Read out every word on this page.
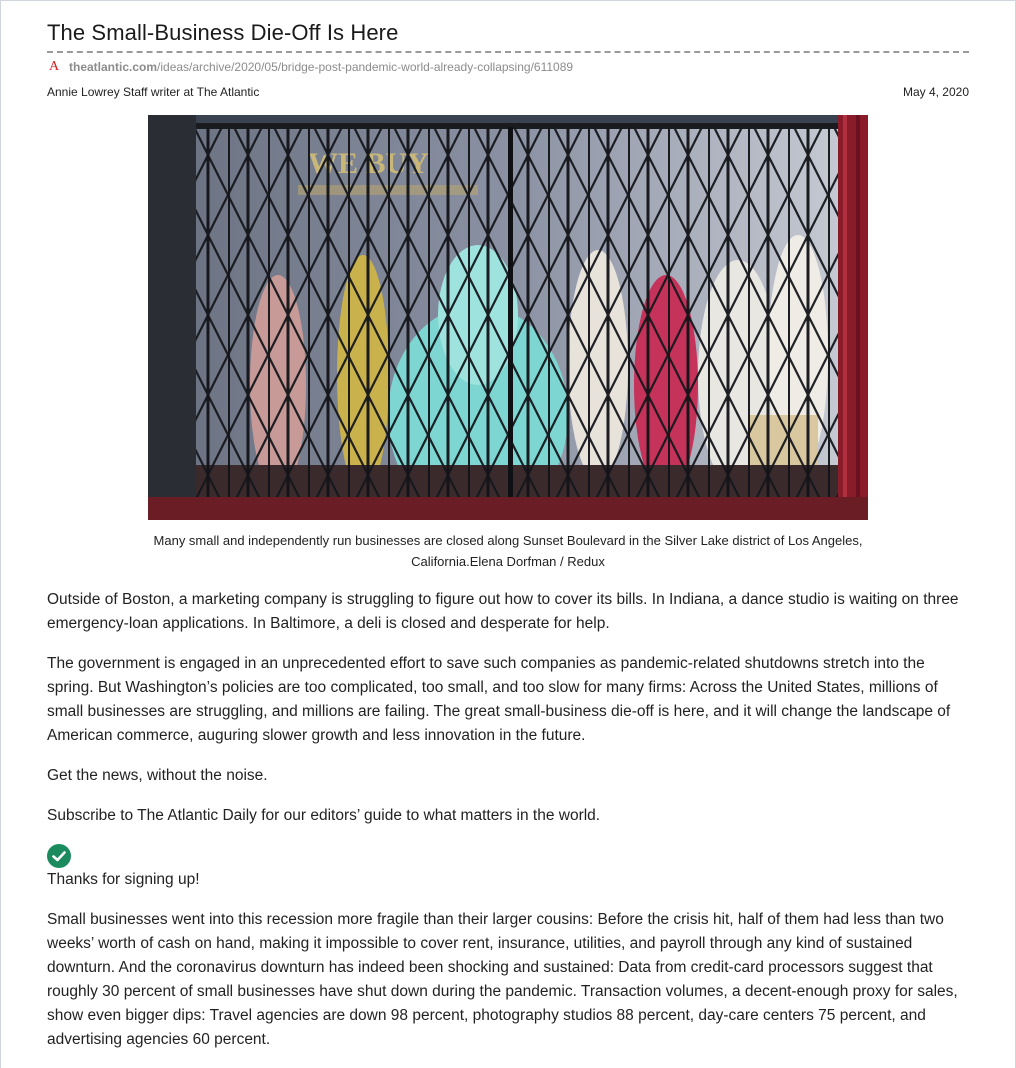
The Small-Business Die-Off Is Here
A theatlantic.com /ideas/archive/2020/05/bridge-post-pandemic-world-already-collapsing/611089
Annie Lowrey Staff writer at The Atlantic	May 4, 2020
Many small and independently run businesses are closed along Sunset Boulevard in the Silver Lake district of Los Angeles, California.Elena Dorfman / Redux

Outside of Boston, a marketing company is struggling to figure out how to cover its bills. In Indiana, a dance studio is waiting on three emergency-loan applications. In Baltimore, a deli is closed and desperate for help.

The government is engaged in an unprecedented effort to save such companies as pandemic-related shutdowns stretch into the spring. But Washington’s policies are too complicated, too small, and too slow for many firms: Across the United States, millions of small businesses are struggling, and millions are failing. The great small-business die-off is here, and it will change the landscape of American commerce, auguring slower growth and less innovation in the future.

Get the news, without the noise.

Subscribe to The Atlantic Daily for our editors’ guide to what matters in the world.

Thanks for signing up!

Small businesses went into this recession more fragile than their larger cousins: Before the crisis hit, half of them had less than two weeks’ worth of cash on hand, making it impossible to cover rent, insurance, utilities, and payroll through any kind of sustained downturn. And the coronavirus downturn has indeed been shocking and sustained: Data from credit-card processors suggest that roughly 30 percent of small businesses have shut down during the pandemic. Transaction volumes, a decent-enough proxy for sales, show even bigger dips: Travel agencies are down 98 percent, photography studios 88 percent, day-care centers 75 percent, and advertising agencies 60 percent.
